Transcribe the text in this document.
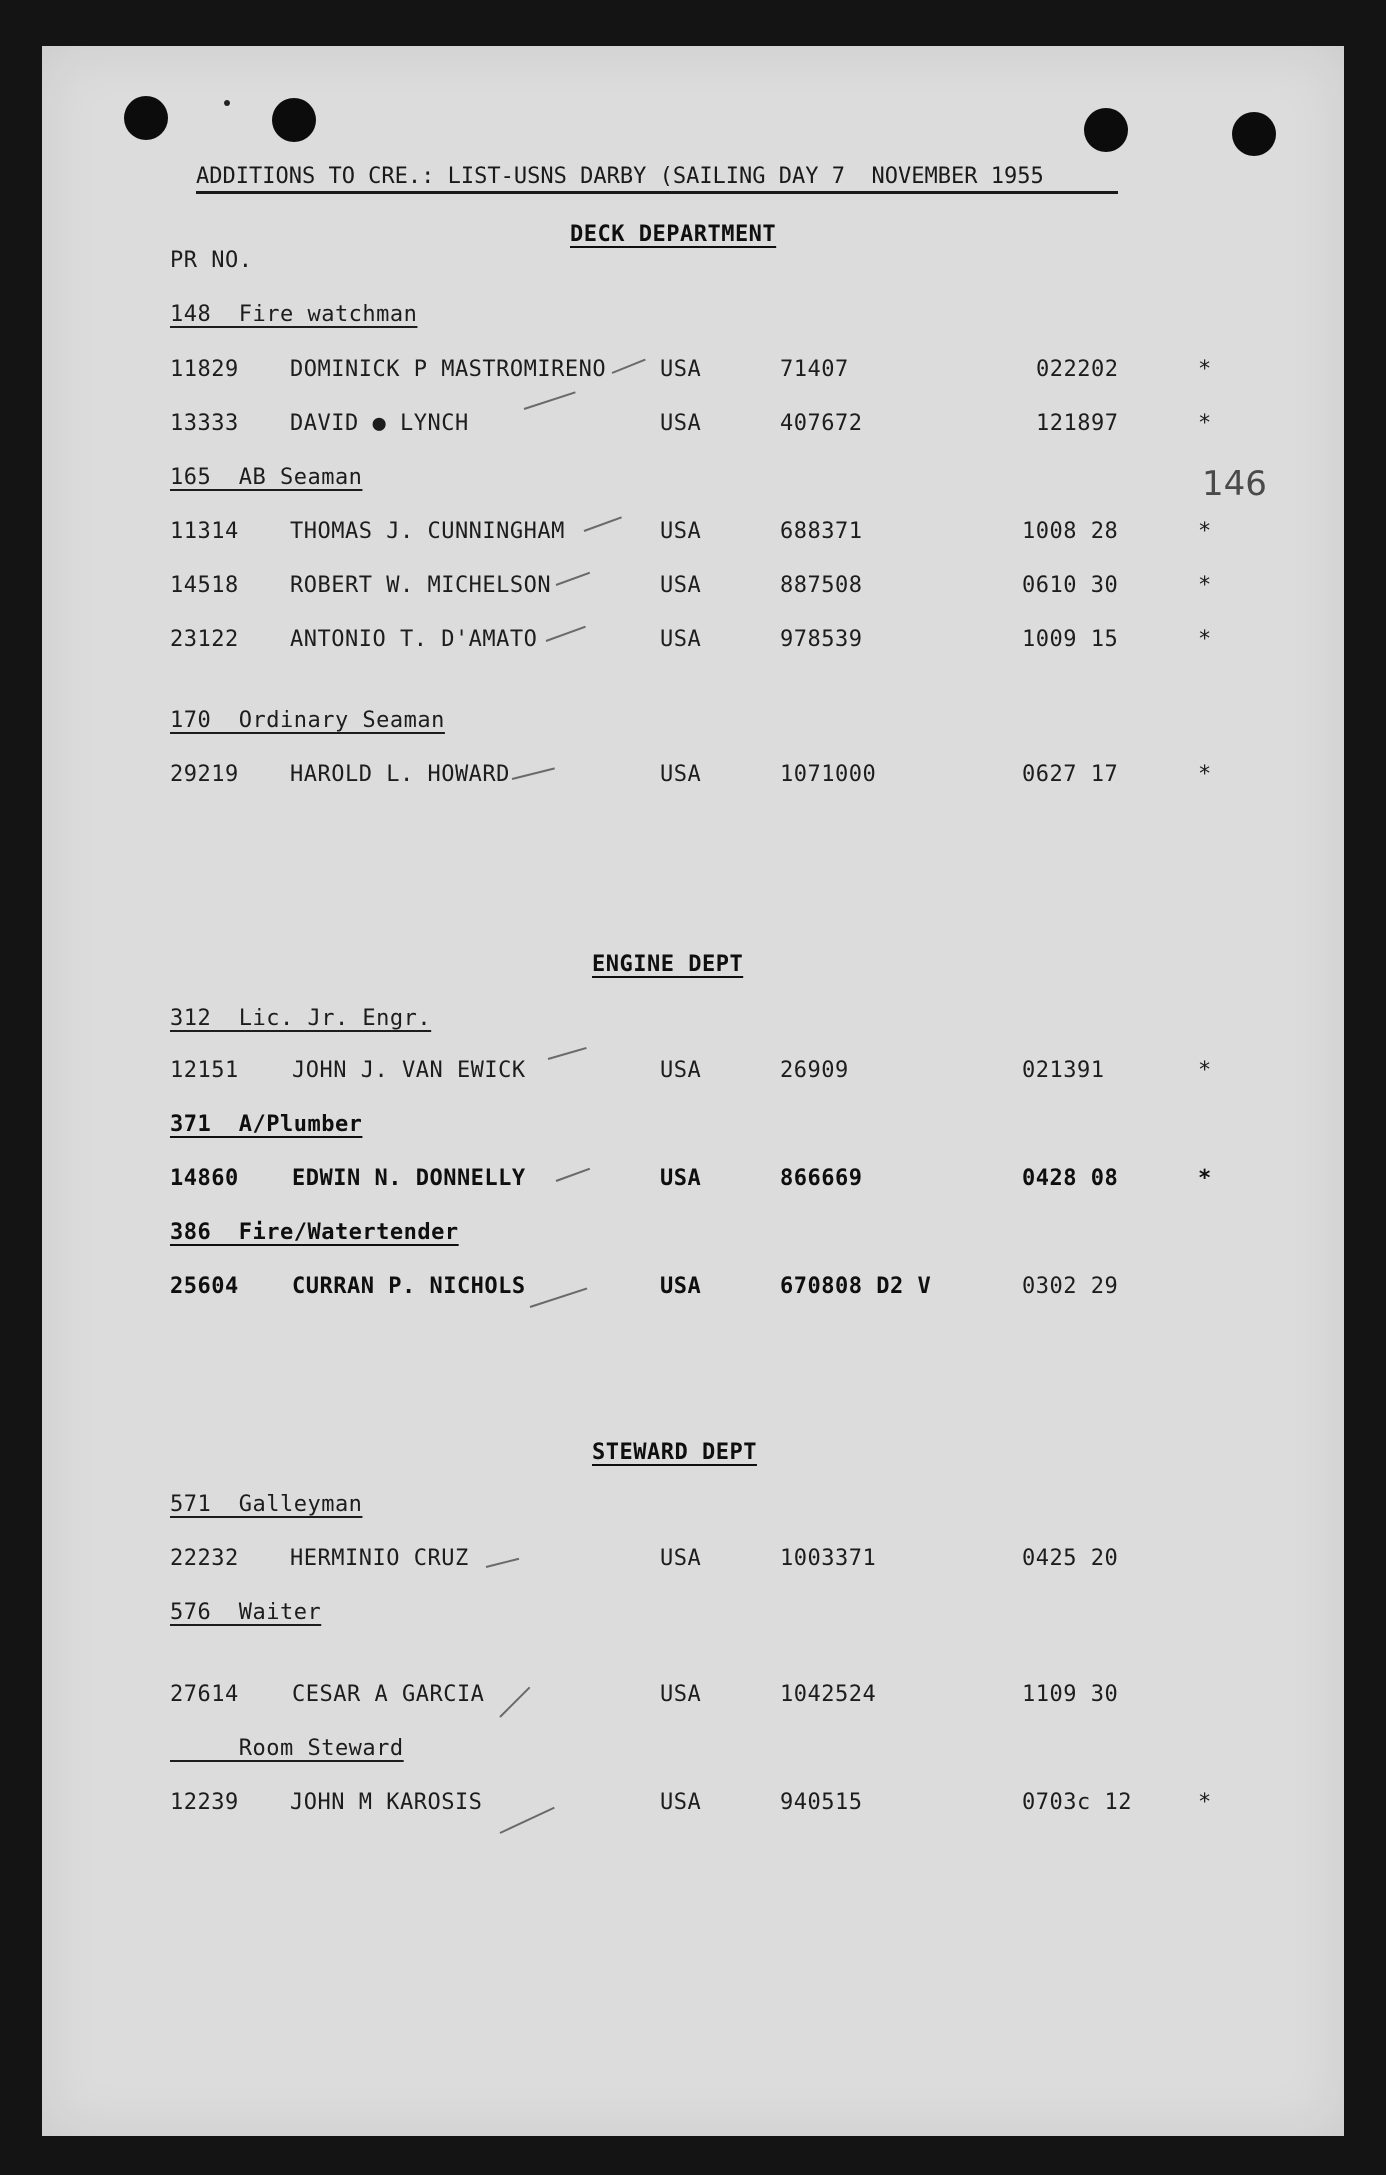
ADDITIONS TO CRE.: LIST-USNS DARBY (SAILING DAY 7  NOVEMBER 1955
PR NO.
146
DECK DEPARTMENT
148  Fire watchman
11829 DOMINICK P MASTROMIRENO USA	71407	022202	*
13333 DAVID ● LYNCH	USA	407672	121897	*
165  AB Seaman
11314 THOMAS J. CUNNINGHAM	USA	688371	1008 28	*
14518 ROBERT W. MICHELSON	USA	887508	0610 30	*
23122 ANTONIO T. D'AMATO	USA	978539	1009 15	*
170  Ordinary Seaman
29219 HAROLD L. HOWARD	USA	1071000	0627 17	*
ENGINE DEPT
312  Lic. Jr. Engr.
12151 JOHN J. VAN EWICK	USA	26909	021391	*
371  A/Plumber
14860 EDWIN N. DONNELLY	USA	866669	0428 08	*
386  Fire/Watertender
25604 CURRAN P. NICHOLS	USA	670808 D2 V	0302 29
STEWARD DEPT
571  Galleyman
22232 HERMINIO CRUZ	USA	1003371	0425 20
576  Waiter
27614 CESAR A GARCIA	USA	1042524	1109 30
Room Steward
12239 JOHN M KAROSIS	USA	940515	0703c 12	*
